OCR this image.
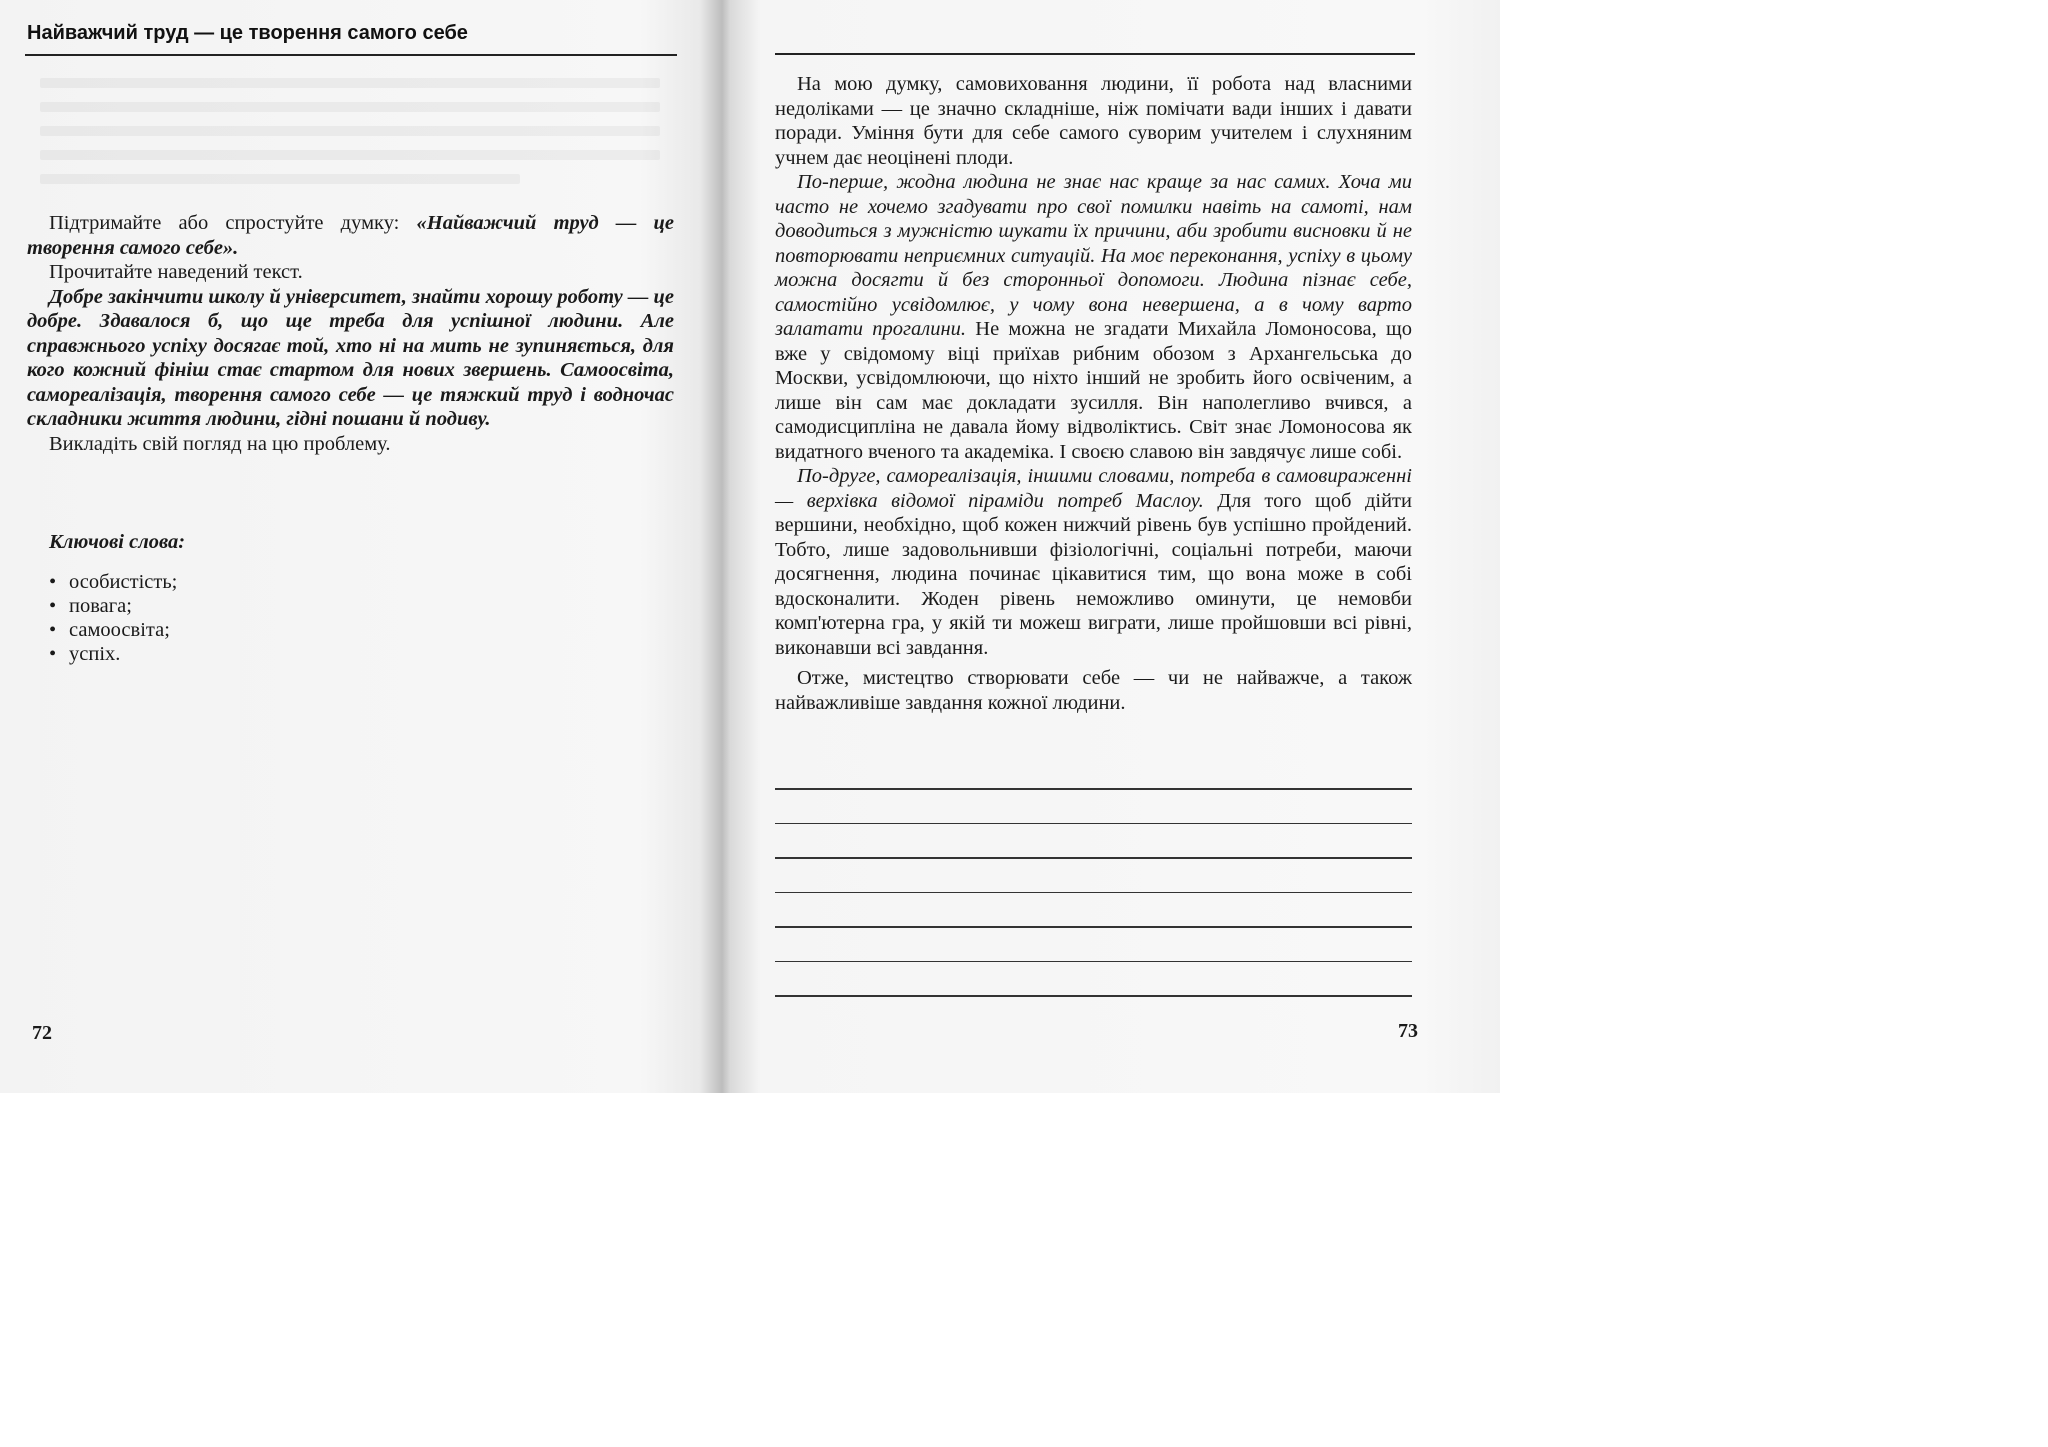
Найважчий труд — це творення самого себе

Підтримайте або спростуйте думку: «Найважчий труд — це творення самого себе».

Прочитайте наведений текст.

Добре закінчити школу й університет, знайти хорошу роботу — це добре. Здавалося б, що ще треба для успішної людини. Але справжнього успіху досягає той, хто ні на мить не зупиняється, для кого кожний фініш стає стартом для нових звершень. Самоосвіта, самореалізація, творення самого себе — це тяжкий труд і водночас складники життя людини, гідні пошани й подиву.

Викладіть свій погляд на цю проблему.

Ключові слова:
• особистість;
• повага;
• самоосвіта;
• успіх.
72

На мою думку, самовиховання людини, її робота над власними недоліками — це значно складніше, ніж помічати вади інших і давати поради. Уміння бути для себе самого суворим учителем і слухняним учнем дає неоцінені плоди.

По-перше, жодна людина не знає нас краще за нас самих. Хоча ми часто не хочемо згадувати про свої помилки навіть на самоті, нам доводиться з мужністю шукати їх причини, аби зробити висновки й не повторювати неприємних ситуацій. На моє переконання, успіху в цьому можна досягти й без сторонньої допомоги. Людина пізнає себе, самостійно усвідомлює, у чому вона невершена, а в чому варто залатати прогалини. Не можна не згадати Михайла Ломоносова, що вже у свідомому віці приїхав рибним обозом з Архангельська до Москви, усвідомлюючи, що ніхто інший не зробить його освіченим, а лише він сам має докладати зусилля. Він наполегливо вчився, а самодисципліна не давала йому відволіктись. Світ знає Ломоносова як видатного вченого та академіка. І своєю славою він завдячує лише собі.

По-друге, самореалізація, іншими словами, потреба в самовираженні — верхівка відомої піраміди потреб Маслоу. Для того щоб дійти вершини, необхідно, щоб кожен нижчий рівень був успішно пройдений. Тобто, лише задовольнивши фізіологічні, соціальні потреби, маючи досягнення, людина починає цікавитися тим, що вона може в собі вдосконалити. Жоден рівень неможливо оминути, це немовби комп'ютерна гра, у якій ти можеш виграти, лише пройшовши всі рівні, виконавши всі завдання.

Отже, мистецтво створювати себе — чи не найважче, а також найважливіше завдання кожної людини.

73
